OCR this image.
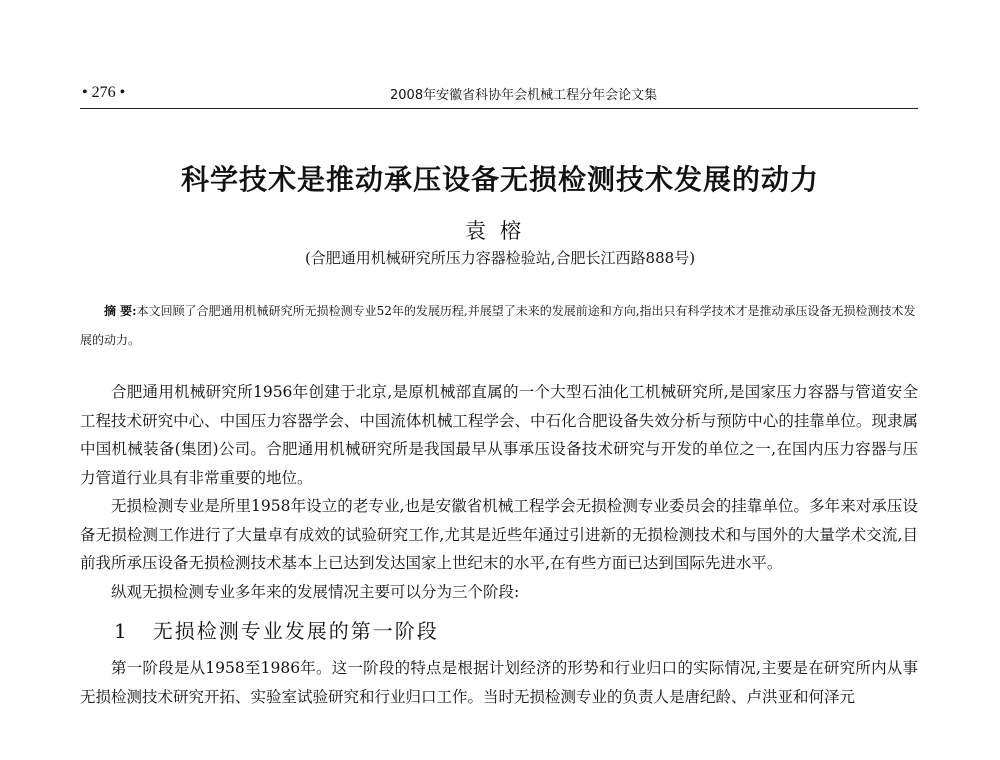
• 276 •	2008年安徽省科协年会机械工程分年会论文集
科学技术是推动承压设备无损检测技术发展的动力
袁榕
(合肥通用机械研究所压力容器检验站,合肥长江西路888号)
摘 要:本文回顾了合肥通用机械研究所无损检测专业52年的发展历程,并展望了未来的发展前途和方向,指出只有科学技术才是推动承压设备无损检测技术发展的动力。

合肥通用机械研究所1956年创建于北京,是原机械部直属的一个大型石油化工机械研究所,是国家压力容器与管道安全工程技术研究中心、中国压力容器学会、中国流体机械工程学会、中石化合肥设备失效分析与预防中心的挂靠单位。现隶属中国机械装备(集团)公司。合肥通用机械研究所是我国最早从事承压设备技术研究与开发的单位之一,在国内压力容器与压力管道行业具有非常重要的地位。

无损检测专业是所里1958年设立的老专业,也是安徽省机械工程学会无损检测专业委员会的挂靠单位。多年来对承压设备无损检测工作进行了大量卓有成效的试验研究工作,尤其是近些年通过引进新的无损检测技术和与国外的大量学术交流,目前我所承压设备无损检测技术基本上已达到发达国家上世纪末的水平,在有些方面已达到国际先进水平。

纵观无损检测专业多年来的发展情况主要可以分为三个阶段:

1 无损检测专业发展的第一阶段

第一阶段是从1958至1986年。这一阶段的特点是根据计划经济的形势和行业归口的实际情况,主要是在研究所内从事无损检测技术研究开拓、实验室试验研究和行业归口工作。当时无损检测专业的负责人是唐纪龄、卢洪亚和何泽元
